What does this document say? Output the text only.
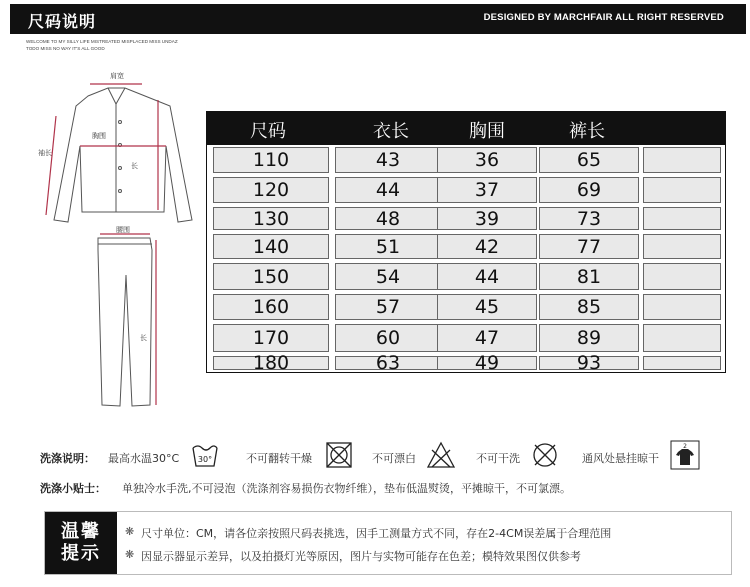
尺码说明	DESIGNED BY MARCHFAIR ALL RIGHT RESERVED
WELCOME TO MY SILLY LIFE MISTREATED MISPLACED MISS UNDAZ
TODO MISS NO WAY IT'S ALL GOOD
肩宽
胸围
袖长
长
腰围
长
尺码	衣长	胸围	裤长
110	43	36	65
120	44	37	69
130	48	39	73
140	51	42	77
150	54	44	81
160	57	45	85
170	60	47	89
180	63	49	93
洗涤说明： 最高水温30°C 30°	不可翻转干燥	不可漂白	不可干洗	通风处悬挂晾干
2
洗涤小贴士： 单独冷水手洗,不可浸泡（洗涤剂容易损伤衣物纤维），垫布低温熨烫，平摊晾干，不可氯漂。
温馨
提示
❋ 尺寸单位：CM，请各位亲按照尺码表挑选，因手工测量方式不同，存在2-4CM误差属于合理范围
❋ 因显示器显示差异，以及拍摄灯光等原因，图片与实物可能存在色差；模特效果图仅供参考
